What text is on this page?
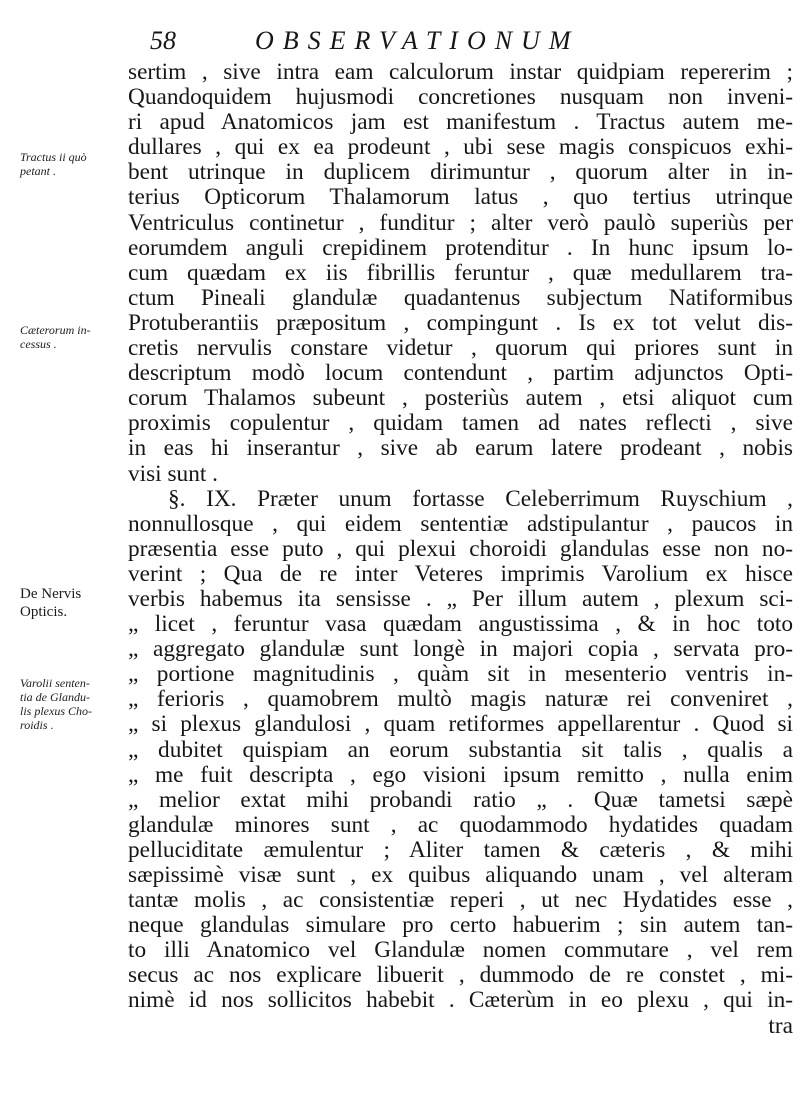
58	OBSERVATIONUM
Tractus ii quò
petant .
Cæterorum in-
cessus .
De Nervis
Opticis.
Varolii senten-
tia de Glandu-
lis plexus Cho-
roidis .
sertim , sive intra eam calculorum instar quidpiam repererim ;
Quandoquidem hujusmodi concretiones nusquam non inveni-
ri apud Anatomicos jam est manifestum . Tractus autem me-
dullares , qui ex ea prodeunt , ubi sese magis conspicuos exhi-
bent utrinque in duplicem dirimuntur , quorum alter in in-
terius Opticorum Thalamorum latus , quo tertius utrinque
Ventriculus continetur , funditur ; alter verò paulò superiùs per
eorumdem anguli crepidinem protenditur . In hunc ipsum lo-
cum quædam ex iis fibrillis feruntur , quæ medullarem tra-
ctum Pineali glandulæ quadantenus subjectum Natiformibus
Protuberantiis præpositum , compingunt . Is ex tot velut dis-
cretis nervulis constare videtur , quorum qui priores sunt in
descriptum modò locum contendunt , partim adjunctos Opti-
corum Thalamos subeunt , posteriùs autem , etsi aliquot cum
proximis copulentur , quidam tamen ad nates reflecti , sive
in eas hi inserantur , sive ab earum latere prodeant , nobis
visi sunt .
§. IX. Præter unum fortasse Celeberrimum Ruyschium ,
nonnullosque , qui eidem sententiæ adstipulantur , paucos in
præsentia esse puto , qui plexui choroidi glandulas esse non no-
verint ; Qua de re inter Veteres imprimis Varolium ex hisce
verbis habemus ita sensisse . „ Per illum autem , plexum sci-
„ licet , feruntur vasa quædam angustissima , & in hoc toto
„ aggregato glandulæ sunt longè in majori copia , servata pro-
„ portione magnitudinis , quàm sit in mesenterio ventris in-
„ ferioris , quamobrem multò magis naturæ rei conveniret ,
„ si plexus glandulosi , quam retiformes appellarentur . Quod si
„ dubitet quispiam an eorum substantia sit talis , qualis a
„ me fuit descripta , ego visioni ipsum remitto , nulla enim
„ melior extat mihi probandi ratio „ . Quæ tametsi sæpè
glandulæ minores sunt , ac quodammodo hydatides quadam
pelluciditate æmulentur ; Aliter tamen & cæteris , & mihi
sæpissimè visæ sunt , ex quibus aliquando unam , vel alteram
tantæ molis , ac consistentiæ reperi , ut nec Hydatides esse ,
neque glandulas simulare pro certo habuerim ; sin autem tan-
to illi Anatomico vel Glandulæ nomen commutare , vel rem
secus ac nos explicare libuerit , dummodo de re constet , mi-
nimè id nos sollicitos habebit . Cæterùm in eo plexu , qui in-
tra
